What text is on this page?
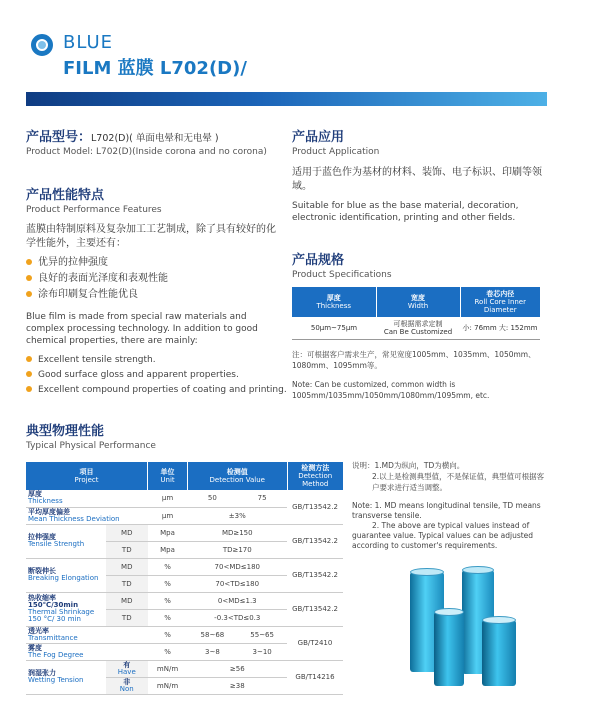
BLUE
FILM 蓝膜 L702(D)/
产品型号：L702(D)( 单面电晕和无电晕 )
Product Model: L702(D)(Inside corona and no corona)
产品性能特点
Product Performance Features
蓝膜由特制原料及复杂加工工艺制成，除了具有较好的化学性能外，主要还有：
优异的拉伸强度
良好的表面光泽度和表观性能
涂布印刷复合性能优良
Blue film is made from special raw materials and complex processing technology. In addition to good chemical properties, there are mainly:
Excellent tensile strength.
Good surface gloss and apparent properties.
Excellent compound properties of coating and printing.
产品应用
Product Application
适用于蓝色作为基材的材料、装饰、电子标识、印刷等领域。
Suitable for blue as the base material, decoration, electronic identification, printing and other fields.
产品规格
Product Specifications
厚度
Thickness	宽度
Width	卷芯内径
Roll Core Inner Diameter
50μm~75μm	可根据需求定制
Can Be Customized	小: 76mm 大: 152mm
注：可根据客户需求生产，常见宽度1005mm、1035mm、1050mm、1080mm、1095mm等。
Note: Can be customized, common width is 1005mm/1035mm/1050mm/1080mm/1095mm, etc.
典型物理性能
Typical Physical Performance
项目
Project		单位
Unit	检测值
Detection Value		检测方法
Detection Method
厚度
Thickness		μm	50	75	GB/T13542.2
平均厚度偏差
Mean Thickness Deviation		μm	±3%		
拉伸强度
Tensile Strength	MD	Mpa	MD≥150		GB/T13542.2
	TD	Mpa	TD≥170		
断裂伸长
Breaking Elongation	MD	%	70<MD≤180		GB/T13542.2
	TD	%	70<TD≤180		
热收缩率 150℃/30min
Thermal Shrinkage 150 °C/ 30 min	MD	%	0<MD≤1.3		GB/T13542.2
	TD	%	-0.3<TD≤0.3		
透光率
Transmittance		%	58~68	55~65	GB/T2410
雾度
The Fog Degree		%	3~8	3~10	
润湿张力
Wetting Tension	有
Have	mN/m	≥56		GB/T14216
	非
Non	mN/m	≥38		
说明：1.MD为纵向，TD为横向。
2.以上是检测典型值，不是保证值，典型值可根据客户要求进行适当调整。
Note: 1. MD means longitudinal tensile, TD means transverse tensile.
2. The above are typical values instead of guarantee value. Typical values can be adjusted according to customer's requirements.
